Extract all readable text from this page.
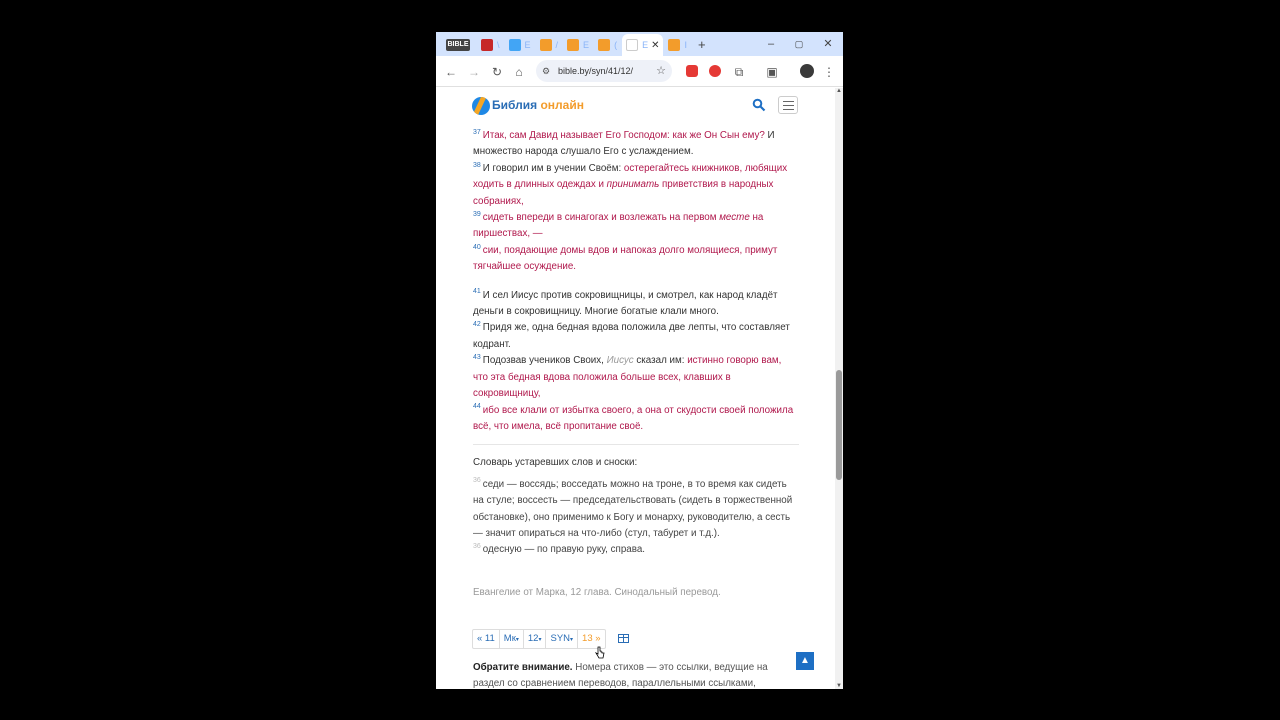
BIBLE	\	E	/	E	(	E ✕	I +	–	▢	✕
← → ↻	⌂	⚙ bible.by/syn/41/12/ ☆	⧉	▣	⋮
Библия онлайн
$^{37}$ Итак, сам Давид называет Его Господом: как же Он Сын ему? И множество народа слушало Его с услаждением.
$^{38}$ И говорил им в учении Своём: остерегайтесь книжников, любящих ходить в длинных одеждах и принимать приветствия в народных собраниях,
$^{39}$ сидеть впереди в синагогах и возлежать на первом месте на пиршествах, —
$^{40}$ сии, поядающие домы вдов и напоказ долго молящиеся, примут тягчайшее осуждение.
$^{41}$ И сел Иисус против сокровищницы, и смотрел, как народ кладёт деньги в сокровищницу. Многие богатые клали много.
$^{42}$ Придя же, одна бедная вдова положила две лепты, что составляет кодрант.
$^{43}$ Подозвав учеников Своих, Иисус сказал им: истинно говорю вам, что эта бедная вдова положила больше всех, клавших в сокровищницу,
$^{44}$ ибо все клали от избытка своего, а она от скудости своей положила всё, что имела, всё пропитание своё.
Словарь устаревших слов и сноски:
$^{36}$ седи — воссядь; восседать можно на троне, в то время как сидеть на стуле; воссесть — председательствовать (сидеть в торжественной обстановке), оно применимо к Богу и монарху, руководителю, а сесть — значит опираться на что-либо (стул, табурет и т.д.).
$^{36}$ одесную — по правую руку, справа.
Евангелие от Марка, 12 глава. Синодальный перевод.
« 11 Мк▾ 12▾ SYN▾ 13 »
Обратите внимание. Номера стихов — это ссылки, ведущие на раздел со сравнением переводов, параллельными ссылками,
▲
▲
▼
